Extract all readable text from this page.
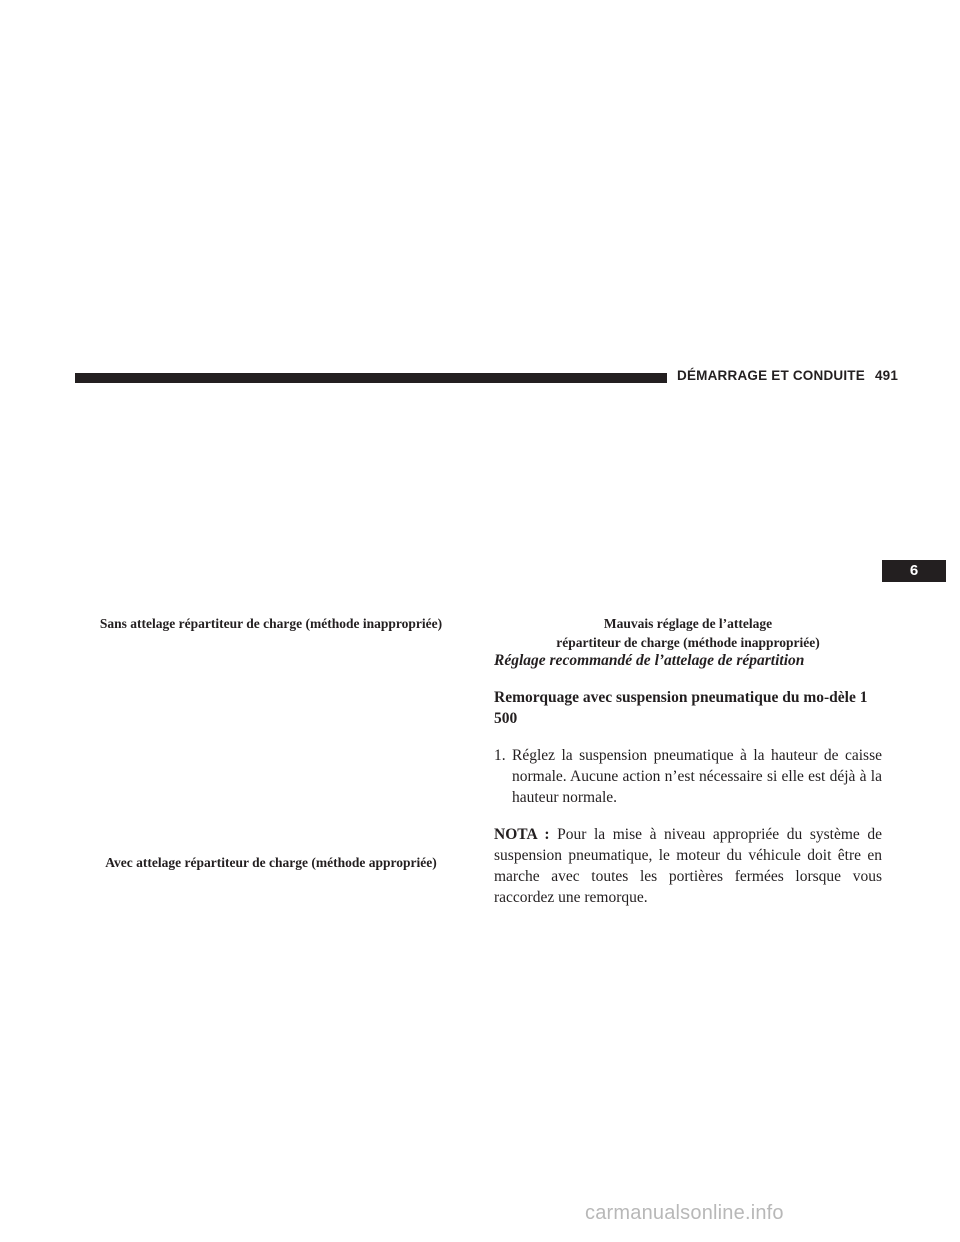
DÉMARRAGE ET CONDUITE 491
6
Sans attelage répartiteur de charge (méthode inappropriée)
Avec attelage répartiteur de charge (méthode appropriée)
Mauvais réglage de l’attelage
répartiteur de charge (méthode inappropriée)

Réglage recommandé de l’attelage de répartition

Remorquage avec suspension pneumatique du mo-dèle 1 500

1. Réglez la suspension pneumatique à la hauteur de caisse normale. Aucune action n’est nécessaire si elle est déjà à la hauteur normale.

NOTA : Pour la mise à niveau appropriée du système de suspension pneumatique, le moteur du véhicule doit être en marche avec toutes les portières fermées lorsque vous raccordez une remorque.

carmanualsonline.info
